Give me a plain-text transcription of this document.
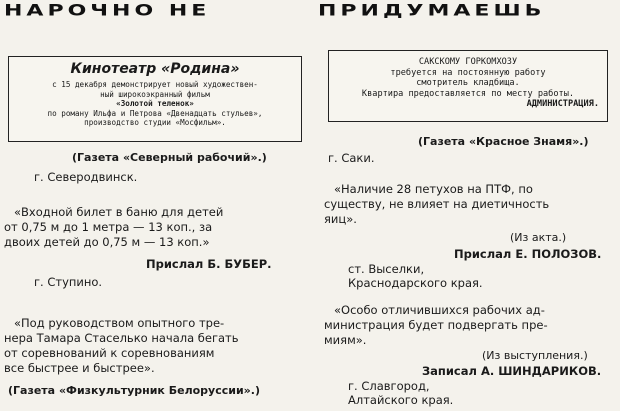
НАРОЧНО НЕ
Кинотеатр «Родина»
с 15 декабря демонстрирует новый художествен-
ный широкоэкранный фильм
«Золотой теленок»
по роману Ильфа и Петрова «Двенадцать стульев»,
производство студии «Мосфильм».
(Газета «Северный рабочий».)
г. Северодвинск.
«Входной билет в баню для детей
от 0,75 м до 1 метра — 13 коп., за
двоих детей до 0,75 м — 13 коп.»
Прислал Б. БУБЕР.
г. Ступино.
«Под руководством опытного тре-
нера Тамара Стаселько начала бегать
от соревнований к соревнованиям
все быстрее и быстрее».
(Газета «Физкультурник Белоруссии».)
ПРИДУМАЕШЬ
САКСКОМУ ГОРКОМХОЗУ
требуется на постоянную работу
смотритель кладбища.
Квартира предоставляется по месту работы.
АДМИНИСТРАЦИЯ.
(Газета «Красное Знамя».)
г. Саки.
«Наличие 28 петухов на ПТФ, по
существу, не влияет на диетичность
яиц».
(Из акта.)
Прислал Е. ПОЛОЗОВ.
ст. Выселки,
Краснодарского края.
«Особо отличившихся рабочих ад-
министрация будет подвергать пре-
миям».
(Из выступления.)
Записал А. ШИНДАРИКОВ.
г. Славгород,
Алтайского края.
